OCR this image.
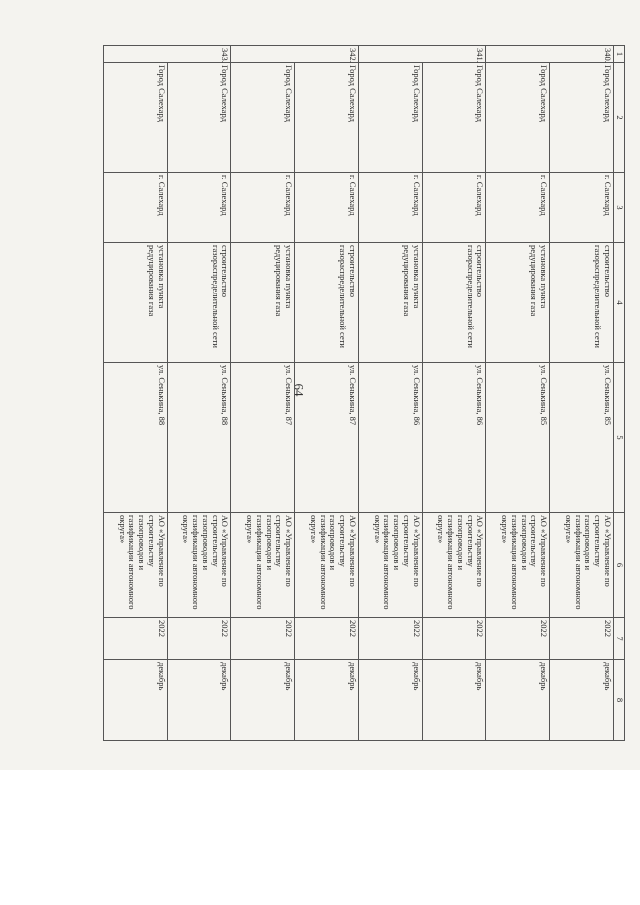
64
1	2	3	4	5	6	7	8
340.	Город Салехард	г. Салехард	строительство газораспределительной сети	ул. Сенькина, 85	АО «Управление по строительству газопроводов и газификации автономного округа»	2022	декабрь
	Город Салехард	г. Салехард	установка пункта редуцирования газа	ул. Сенькина, 85	АО «Управление по строительству газопроводов и газификации автономного округа»	2022	декабрь
341.	Город Салехард	г. Салехард	строительство газораспределительной сети	ул. Сенькина, 86	АО «Управление по строительству газопроводов и газификации автономного округа»	2022	декабрь
	Город Салехард	г. Салехард	установка пункта редуцирования газа	ул. Сенькина, 86	АО «Управление по строительству газопроводов и газификации автономного округа»	2022	декабрь
342.	Город Салехард	г. Салехард	строительство газораспределительной сети	ул. Сенькина, 87	АО «Управление по строительству газопроводов и газификации автономного округа»	2022	декабрь
	Город Салехард	г. Салехард	установка пункта редуцирования газа	ул. Сенькина, 87	АО «Управление по строительству газопроводов и газификации автономного округа»	2022	декабрь
343.	Город Салехард	г. Салехард	строительство газораспределительной сети	ул. Сенькина, 88	АО «Управление по строительству газопроводов и газификации автономного округа»	2022	декабрь
	Город Салехард	г. Салехард	установка пункта редуцирования газа	ул. Сенькина, 88	АО «Управление по строительству газопроводов и газификации автономного округа»	2022	декабрь
